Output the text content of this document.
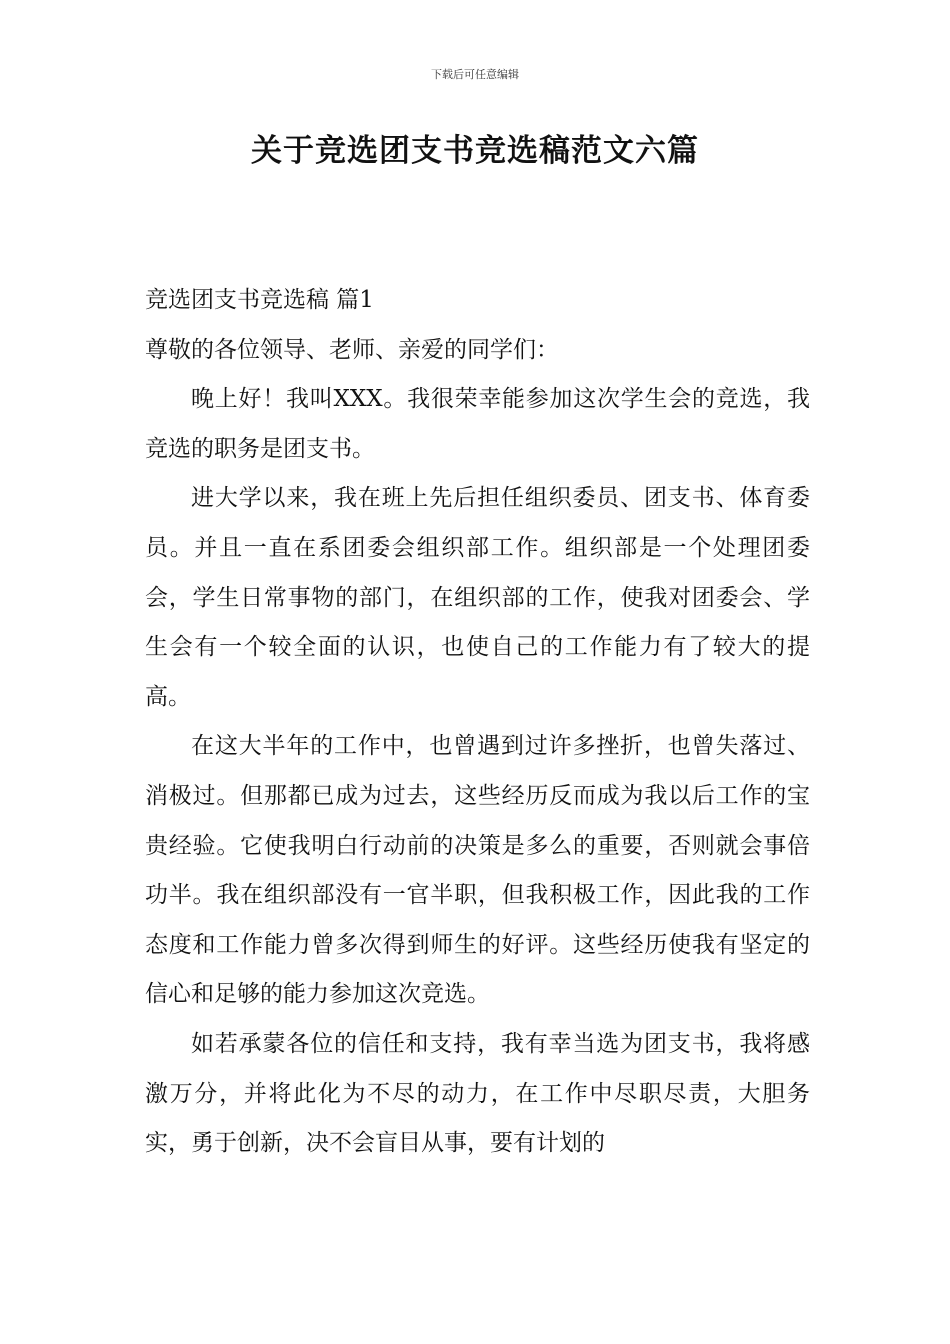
下载后可任意编辑
关于竞选团支书竞选稿范文六篇

竞选团支书竞选稿 篇1

尊敬的各位领导、老师、亲爱的同学们：

晚上好！我叫XXX。我很荣幸能参加这次学生会的竞选，我竞选的职务是团支书。

进大学以来，我在班上先后担任组织委员、团支书、体育委员。并且一直在系团委会组织部工作。组织部是一个处理团委会，学生日常事物的部门，在组织部的工作，使我对团委会、学生会有一个较全面的认识，也使自己的工作能力有了较大的提高。

在这大半年的工作中，也曾遇到过许多挫折，也曾失落过、消极过。但那都已成为过去，这些经历反而成为我以后工作的宝贵经验。它使我明白行动前的决策是多么的重要，否则就会事倍功半。我在组织部没有一官半职，但我积极工作，因此我的工作态度和工作能力曾多次得到师生的好评。这些经历使我有坚定的信心和足够的能力参加这次竞选。

如若承蒙各位的信任和支持，我有幸当选为团支书，我将感激万分，并将此化为不尽的动力，在工作中尽职尽责，大胆务实，勇于创新，决不会盲目从事，要有计划的
